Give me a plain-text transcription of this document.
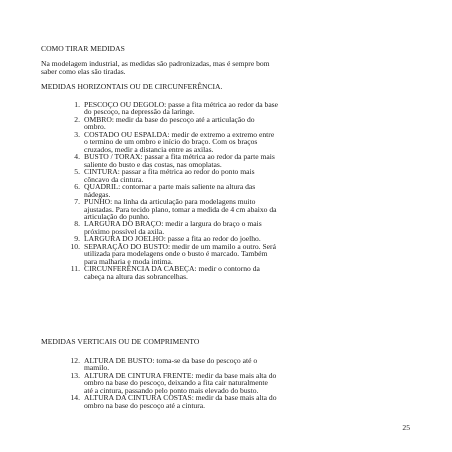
COMO TIRAR MEDIDAS
Na modelagem industrial, as medidas são padronizadas, mas é sempre bom saber como elas são tiradas.
MEDIDAS HORIZONTAIS OU DE CIRCUNFERÊNCIA.
1. PESCOÇO OU DEGOLO: passe a fita métrica ao redor da base do pescoço, na depressão da laringe.
2. OMBRO: medir da base do pescoço até a articulação do ombro.
3. COSTADO OU ESPALDA: medir de extremo a extremo entre o termino de um ombro e início do braço. Com os braços cruzados, medir a distancia entre as axilas.
4. BUSTO / TORAX: passar a fita métrica ao redor da parte mais saliente do busto e das costas, nas omoplatas.
5. CINTURA: passar a fita métrica ao redor do ponto mais côncavo da cintura.
6. QUADRIL: contornar a parte mais saliente na altura das nádegas.
7. PUNHO: na linha da articulação para modelagens muito ajustadas. Para tecido plano, tomar a medida de 4 cm abaixo da articulação do punho.
8. LARGURA DO BRAÇO: medir a largura do braço o mais próximo possível da axila.
9. LARGURA DO JOELHO: passe a fita ao redor do joelho.
10. SEPARAÇÃO DO BUSTO: medir de um mamilo a outro. Será utilizada para modelagens onde o busto é marcado. Também para malharia e moda intima.
11. CIRCUNFERÊNCIA DA CABEÇA: medir o contorno da cabeça na altura das sobrancelhas.
MEDIDAS VERTICAIS OU DE COMPRIMENTO
12. ALTURA DE BUSTO: toma-se da base do pescoço até o mamilo.
13. ALTURA DE CINTURA FRENTE: medir da base mais alta do ombro na base do pescoço, deixando a fita cair naturalmente até a cintura, passando pelo ponto mais elevado do busto.
14. ALTURA DA CINTURA COSTAS: medir da base mais alta do ombro na base do pescoço até a cintura.
25
